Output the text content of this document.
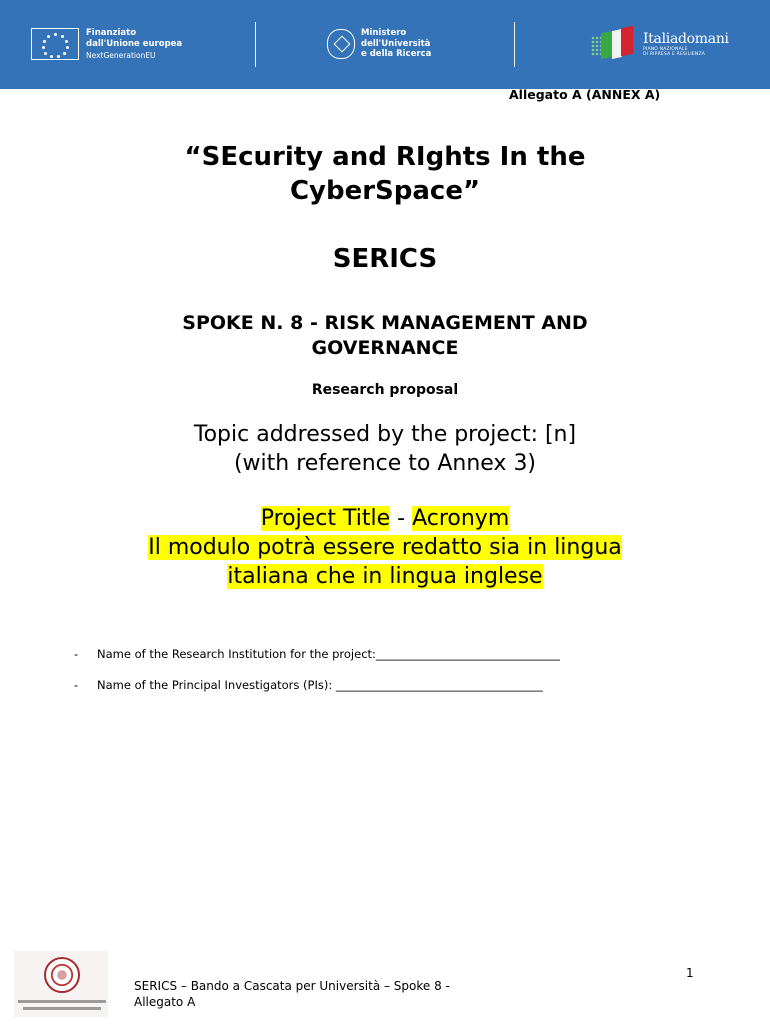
Finanziato
dall'Unione europea
NextGenerationEU
Ministero
dell'Università
e della Ricerca
Italiadomani
PIANO NAZIONALE
DI RIPRESA E RESILIENZA
Allegato A (ANNEX A)
“SEcurity and RIghts In the
CyberSpace”
SERICS
SPOKE N. 8 - RISK MANAGEMENT AND
GOVERNANCE
Research proposal
Topic addressed by the project: [n]
(with reference to Annex 3)
Project Title - Acronym
Il modulo potrà essere redatto sia in lingua
italiana che in lingua inglese
- Name of the Research Institution for the project:________________________________
- Name of the Principal Investigators (PIs): ____________________________________
SERICS – Bando a Cascata per Università – Spoke 8 -
Allegato A
1
